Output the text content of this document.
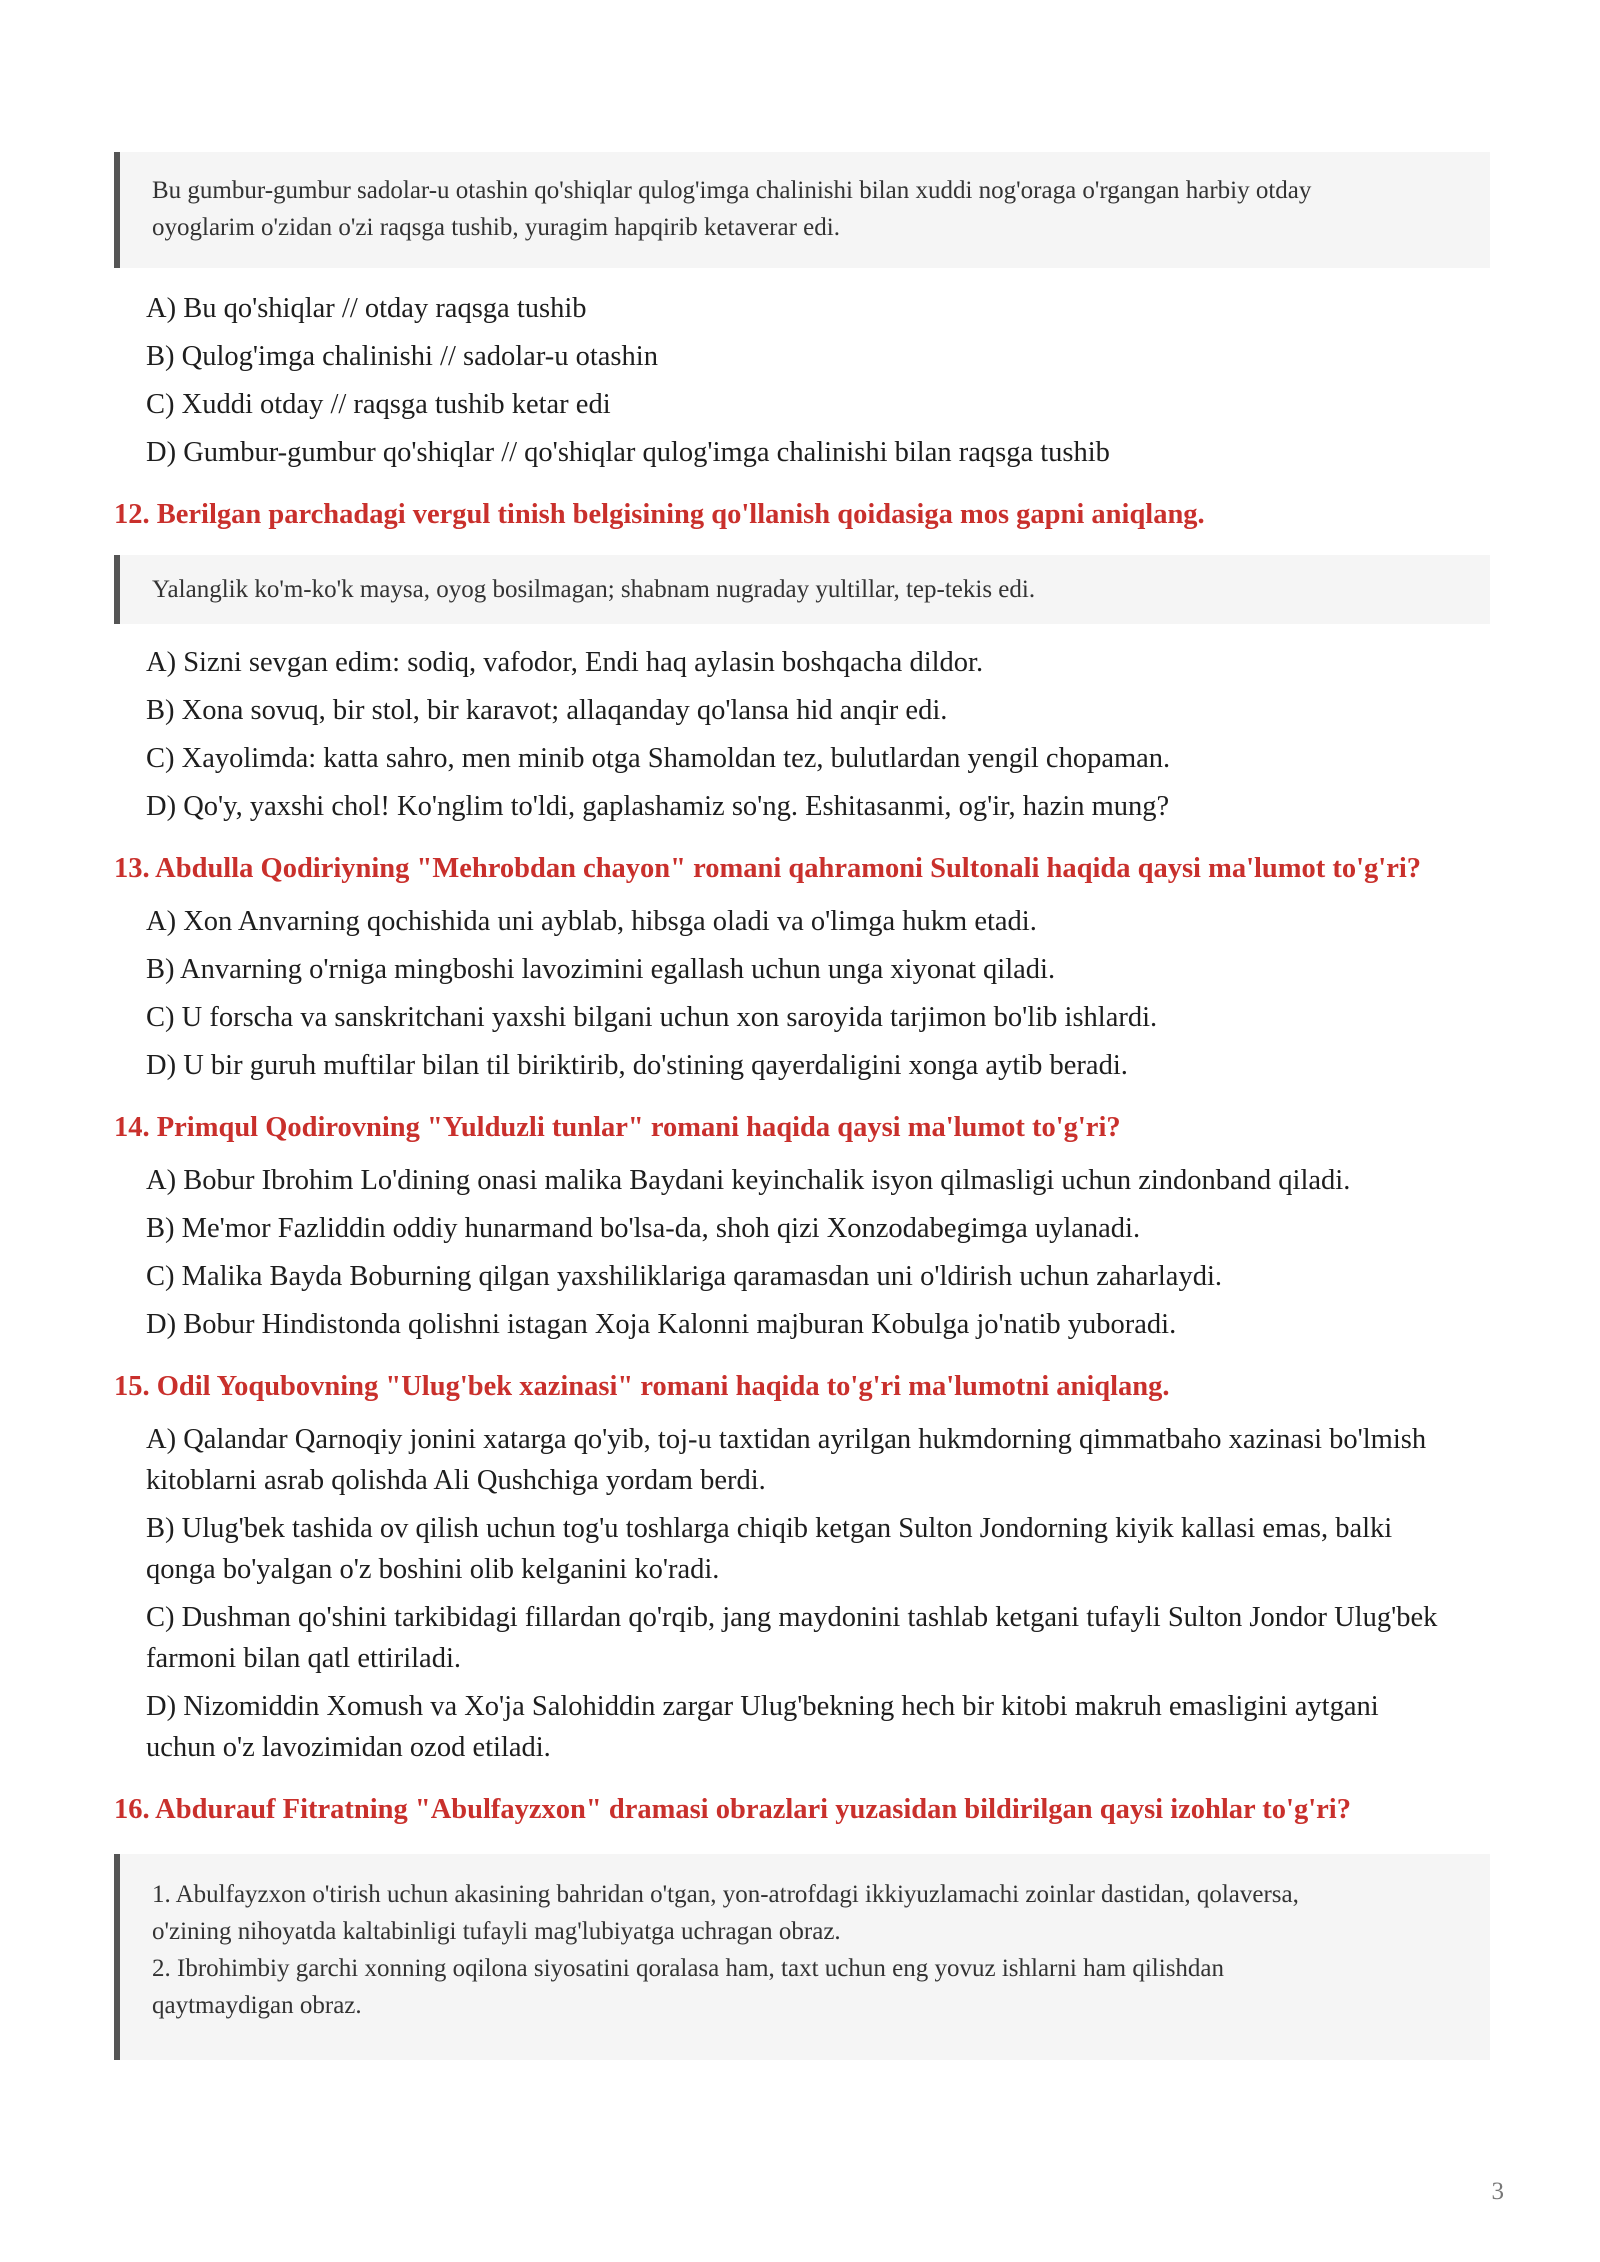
Bu gumbur-gumbur sadolar-u otashin qo'shiqlar qulog'imga chalinishi bilan xuddi nog'oraga o'rgangan harbiy otday
oyoglarim o'zidan o'zi raqsga tushib, yuragim hapqirib ketaverar edi.
A) Bu qo'shiqlar // otday raqsga tushib
B) Qulog'imga chalinishi // sadolar-u otashin
C) Xuddi otday // raqsga tushib ketar edi
D) Gumbur-gumbur qo'shiqlar // qo'shiqlar qulog'imga chalinishi bilan raqsga tushib
12. Berilgan parchadagi vergul tinish belgisining qo'llanish qoidasiga mos gapni aniqlang.
Yalanglik ko'm-ko'k maysa, oyog bosilmagan; shabnam nugraday yultillar, tep-tekis edi.
A) Sizni sevgan edim: sodiq, vafodor, Endi haq aylasin boshqacha dildor.
B) Xona sovuq, bir stol, bir karavot; allaqanday qo'lansa hid anqir edi.
C) Xayolimda: katta sahro, men minib otga Shamoldan tez, bulutlardan yengil chopaman.
D) Qo'y, yaxshi chol! Ko'nglim to'ldi, gaplashamiz so'ng. Eshitasanmi, og'ir, hazin mung?
13. Abdulla Qodiriyning "Mehrobdan chayon" romani qahramoni Sultonali haqida qaysi ma'lumot to'g'ri?
A) Xon Anvarning qochishida uni ayblab, hibsga oladi va o'limga hukm etadi.
B) Anvarning o'rniga mingboshi lavozimini egallash uchun unga xiyonat qiladi.
C) U forscha va sanskritchani yaxshi bilgani uchun xon saroyida tarjimon bo'lib ishlardi.
D) U bir guruh muftilar bilan til biriktirib, do'stining qayerdaligini xonga aytib beradi.
14. Primqul Qodirovning "Yulduzli tunlar" romani haqida qaysi ma'lumot to'g'ri?
A) Bobur Ibrohim Lo'dining onasi malika Baydani keyinchalik isyon qilmasligi uchun zindonband qiladi.
B) Me'mor Fazliddin oddiy hunarmand bo'lsa-da, shoh qizi Xonzodabegimga uylanadi.
C) Malika Bayda Boburning qilgan yaxshiliklariga qaramasdan uni o'ldirish uchun zaharlaydi.
D) Bobur Hindistonda qolishni istagan Xoja Kalonni majburan Kobulga jo'natib yuboradi.
15. Odil Yoqubovning "Ulug'bek xazinasi" romani haqida to'g'ri ma'lumotni aniqlang.
A) Qalandar Qarnoqiy jonini xatarga qo'yib, toj-u taxtidan ayrilgan hukmdorning qimmatbaho xazinasi bo'lmish
kitoblarni asrab qolishda Ali Qushchiga yordam berdi.
B) Ulug'bek tashida ov qilish uchun tog'u toshlarga chiqib ketgan Sulton Jondorning kiyik kallasi emas, balki
qonga bo'yalgan o'z boshini olib kelganini ko'radi.
C) Dushman qo'shini tarkibidagi fillardan qo'rqib, jang maydonini tashlab ketgani tufayli Sulton Jondor Ulug'bek
farmoni bilan qatl ettiriladi.
D) Nizomiddin Xomush va Xo'ja Salohiddin zargar Ulug'bekning hech bir kitobi makruh emasligini aytgani
uchun o'z lavozimidan ozod etiladi.
16. Abdurauf Fitratning "Abulfayzxon" dramasi obrazlari yuzasidan bildirilgan qaysi izohlar to'g'ri?
1. Abulfayzxon o'tirish uchun akasining bahridan o'tgan, yon-atrofdagi ikkiyuzlamachi zoinlar dastidan, qolaversa,
o'zining nihoyatda kaltabinligi tufayli mag'lubiyatga uchragan obraz.
2. Ibrohimbiy garchi xonning oqilona siyosatini qoralasa ham, taxt uchun eng yovuz ishlarni ham qilishdan
qaytmaydigan obraz.
3
